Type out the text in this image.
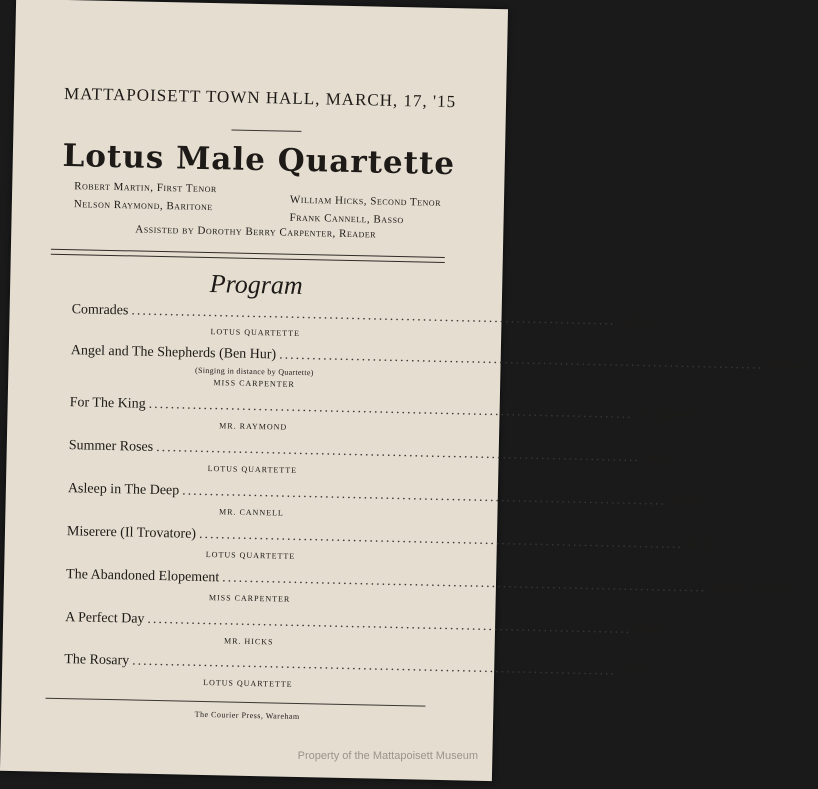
MATTAPOISETT TOWN HALL, MARCH, 17, '15
Lotus Male Quartette
Robert Martin, First Tenor
Nelson Raymond, Baritone	William Hicks, Second Tenor
Frank Cannell, Basso
Assisted by Dorothy Berry Carpenter, Reader
Program
Comrades ........................................................................................ Adams
LOTUS QUARTETTE
Angel and The Shepherds (Ben Hur) ........................................................................................ Wallace
(Singing in distance by Quartette)
MISS CARPENTER
For The King ........................................................................................ St. Quentin
MR. RAYMOND
Summer Roses ........................................................................................ Watts
LOTUS QUARTETTE
Asleep in The Deep ........................................................................................ Trolire
MR. CANNELL
Miserere (Il Trovatore) ........................................................................................ Verdi
LOTUS QUARTETTE
The Abandoned Elopement ........................................................................................ Joseph Lincoln
MISS CARPENTER
A Perfect Day ........................................................................................ Bond
MR. HICKS
The Rosary ........................................................................................ Nevire
LOTUS QUARTETTE
The Courier Press, Wareham
Property of the Mattapoisett Museum
